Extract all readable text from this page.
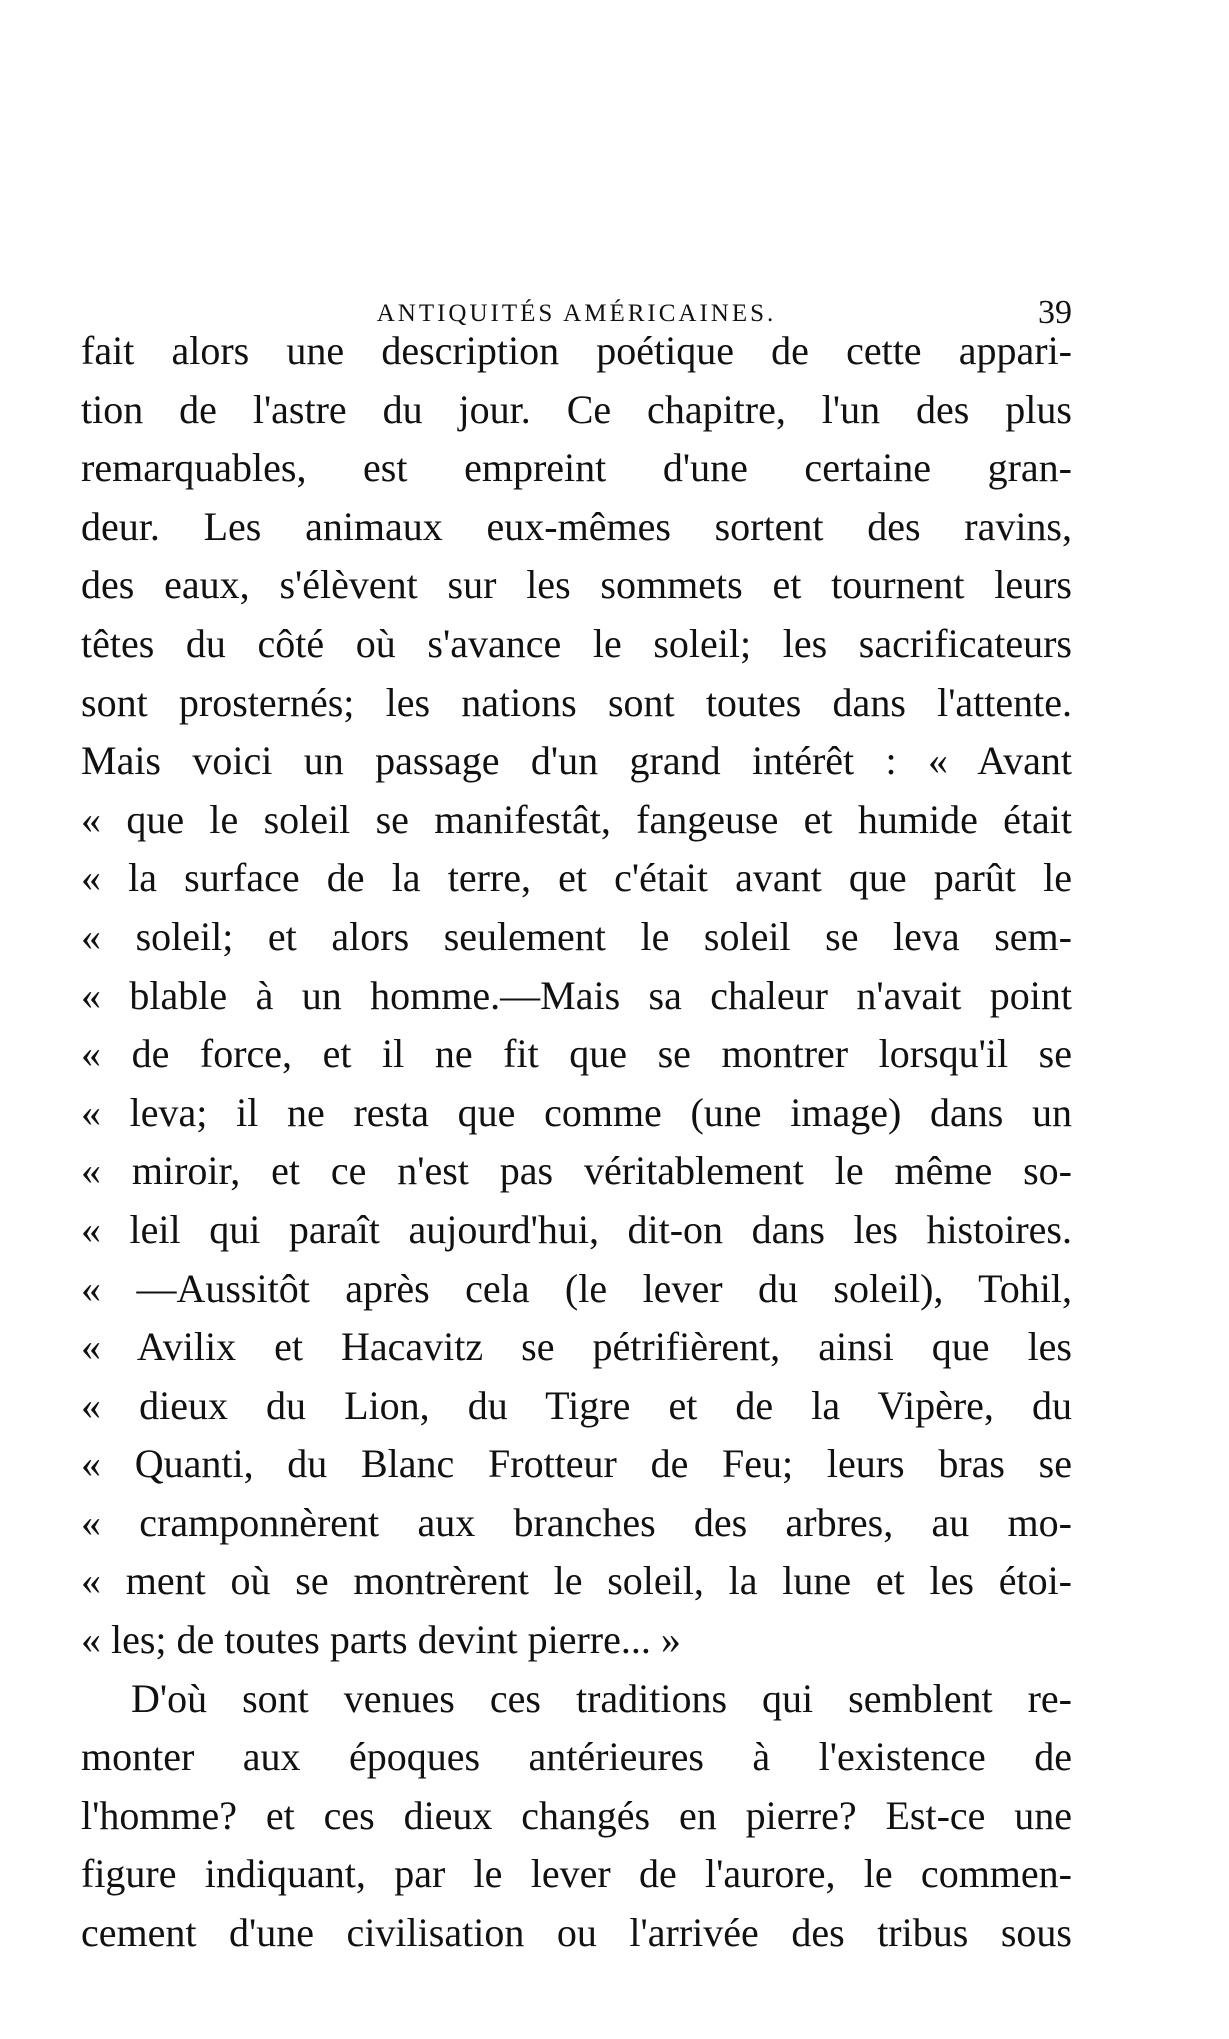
ANTIQUITÉS AMÉRICAINES.	39
fait alors une description poétique de cette appari-
tion de l'astre du jour. Ce chapitre, l'un des plus
remarquables, est empreint d'une certaine gran-
deur. Les animaux eux-mêmes sortent des ravins,
des eaux, s'élèvent sur les sommets et tournent leurs
têtes du côté où s'avance le soleil; les sacrificateurs
sont prosternés; les nations sont toutes dans l'attente.
Mais voici un passage d'un grand intérêt : « Avant
« que le soleil se manifestât, fangeuse et humide était
« la surface de la terre, et c'était avant que parût le
« soleil; et alors seulement le soleil se leva sem-
« blable à un homme.—Mais sa chaleur n'avait point
« de force, et il ne fit que se montrer lorsqu'il se
« leva; il ne resta que comme (une image) dans un
« miroir, et ce n'est pas véritablement le même so-
« leil qui paraît aujourd'hui, dit-on dans les histoires.
« —Aussitôt après cela (le lever du soleil), Tohil,
« Avilix et Hacavitz se pétrifièrent, ainsi que les
« dieux du Lion, du Tigre et de la Vipère, du
« Quanti, du Blanc Frotteur de Feu; leurs bras se
« cramponnèrent aux branches des arbres, au mo-
« ment où se montrèrent le soleil, la lune et les étoi-
« les; de toutes parts devint pierre... »
D'où sont venues ces traditions qui semblent re-
monter aux époques antérieures à l'existence de
l'homme? et ces dieux changés en pierre? Est-ce une
figure indiquant, par le lever de l'aurore, le commen-
cement d'une civilisation ou l'arrivée des tribus sous
